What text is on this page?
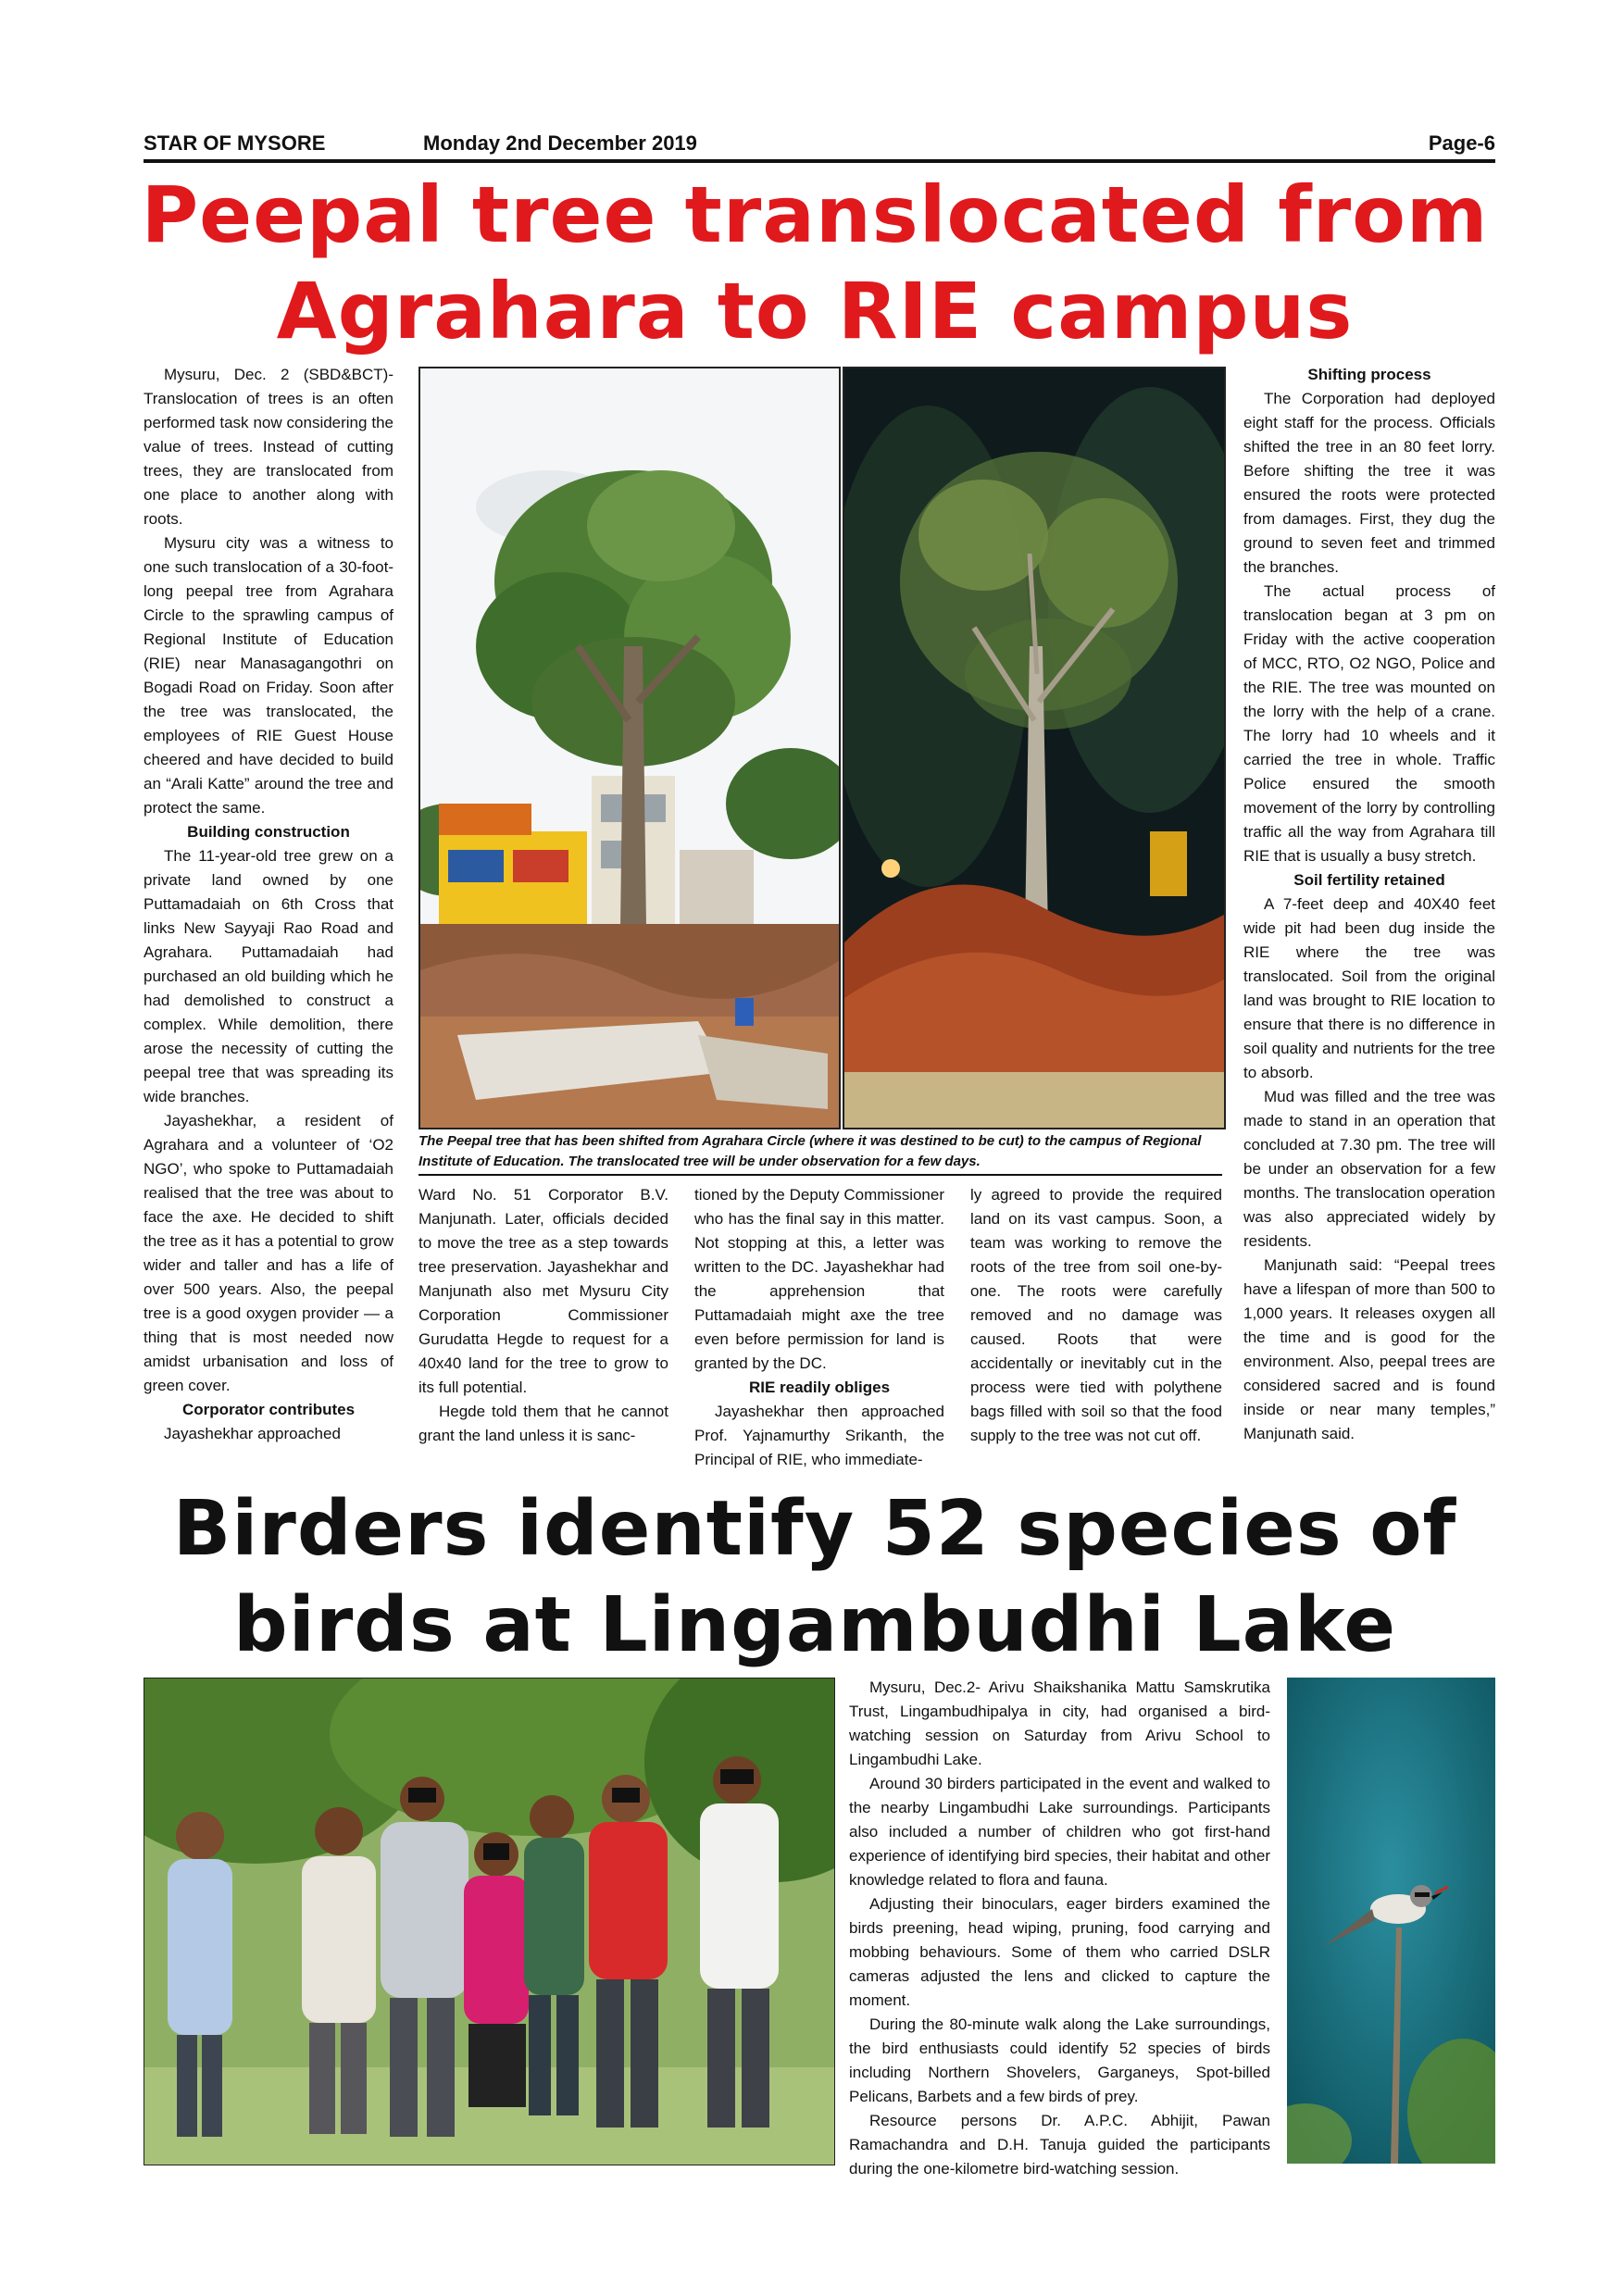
STAR OF MYSORE	Monday 2nd December 2019	Page-6
Peepal tree translocated from
Agrahara to RIE campus

Mysuru, Dec. 2 (SBD&BCT)- Translocation of trees is an often performed task now considering the value of trees. Instead of cutting trees, they are translocated from one place to another along with roots.

Mysuru city was a witness to one such translocation of a 30-foot-long peepal tree from Agrahara Circle to the sprawling campus of Regional Institute of Education (RIE) near Manasagangothri on Bogadi Road on Friday. Soon after the tree was translocated, the employees of RIE Guest House cheered and have decided to build an “Arali Katte” around the tree and protect the same.

Building construction

The 11-year-old tree grew on a private land owned by one Puttamadaiah on 6th Cross that links New Sayyaji Rao Road and Agrahara. Puttamadaiah had purchased an old building which he had demolished to construct a complex. While demolition, there arose the necessity of cutting the peepal tree that was spreading its wide branches.

Jayashekhar, a resident of Agrahara and a volunteer of ‘O2 NGO’, who spoke to Puttamadaiah realised that the tree was about to face the axe. He decided to shift the tree as it has a potential to grow wider and taller and has a life of over 500 years. Also, the peepal tree is a good oxygen provider — a thing that is most needed now amidst urbanisation and loss of green cover.

Corporator contributes

Jayashekhar approached

The Peepal tree that has been shifted from Agrahara Circle (where it was destined to be cut) to the campus of Regional Institute of Education. The translocated tree will be under observation for a few days.

Ward No. 51 Corporator B.V. Manjunath. Later, officials decided to move the tree as a step towards tree preservation. Jayashekhar and Manjunath also met Mysuru City Corporation Commissioner Gurudatta Hegde to request for a 40x40 land for the tree to grow to its full potential.

Hegde told them that he cannot grant the land unless it is sanc-

tioned by the Deputy Commissioner who has the final say in this matter. Not stopping at this, a letter was written to the DC. Jayashekhar had the apprehension that Puttamadaiah might axe the tree even before permission for land is granted by the DC.

RIE readily obliges

Jayashekhar then approached Prof. Yajnamurthy Srikanth, the Principal of RIE, who immediate-

ly agreed to provide the required land on its vast campus. Soon, a team was working to remove the roots of the tree from soil one-by-one. The roots were carefully removed and no damage was caused. Roots that were accidentally or inevitably cut in the process were tied with polythene bags filled with soil so that the food supply to the tree was not cut off.

Shifting process

The Corporation had deployed eight staff for the process. Officials shifted the tree in an 80 feet lorry. Before shifting the tree it was ensured the roots were protected from damages. First, they dug the ground to seven feet and trimmed the branches.

The actual process of translocation began at 3 pm on Friday with the active cooperation of MCC, RTO, O2 NGO, Police and the RIE. The tree was mounted on the lorry with the help of a crane. The lorry had 10 wheels and it carried the tree in whole. Traffic Police ensured the smooth movement of the lorry by controlling traffic all the way from Agrahara till RIE that is usually a busy stretch.

Soil fertility retained

A 7-feet deep and 40X40 feet wide pit had been dug inside the RIE where the tree was translocated. Soil from the original land was brought to RIE location to ensure that there is no difference in soil quality and nutrients for the tree to absorb.

Mud was filled and the tree was made to stand in an operation that concluded at 7.30 pm. The tree will be under an observation for a few months. The translocation operation was also appreciated widely by residents.

Manjunath said: “Peepal trees have a lifespan of more than 500 to 1,000 years. It releases oxygen all the time and is good for the environment. Also, peepal trees are considered sacred and is found inside or near many temples,” Manjunath said.

Birders identify 52 species of
birds at Lingambudhi Lake

Mysuru, Dec.2- Arivu Shaikshanika Mattu Samskrutika Trust, Lingambudhipalya in city, had organised a bird-watching session on Saturday from Arivu School to Lingambudhi Lake.

Around 30 birders participated in the event and walked to the nearby Lingambudhi Lake surroundings. Participants also included a number of children who got first-hand experience of identifying bird species, their habitat and other knowledge related to flora and fauna.

Adjusting their binoculars, eager birders examined the birds preening, head wiping, pruning, food carrying and mobbing behaviours. Some of them who carried DSLR cameras adjusted the lens and clicked to capture the moment.

During the 80-minute walk along the Lake surroundings, the bird enthusiasts could identify 52 species of birds including Northern Shovelers, Garganeys, Spot-billed Pelicans, Barbets and a few birds of prey.

Resource persons Dr. A.P.C. Abhijit, Pawan Ramachandra and D.H. Tanuja guided the participants during the one-kilometre bird-watching session.
